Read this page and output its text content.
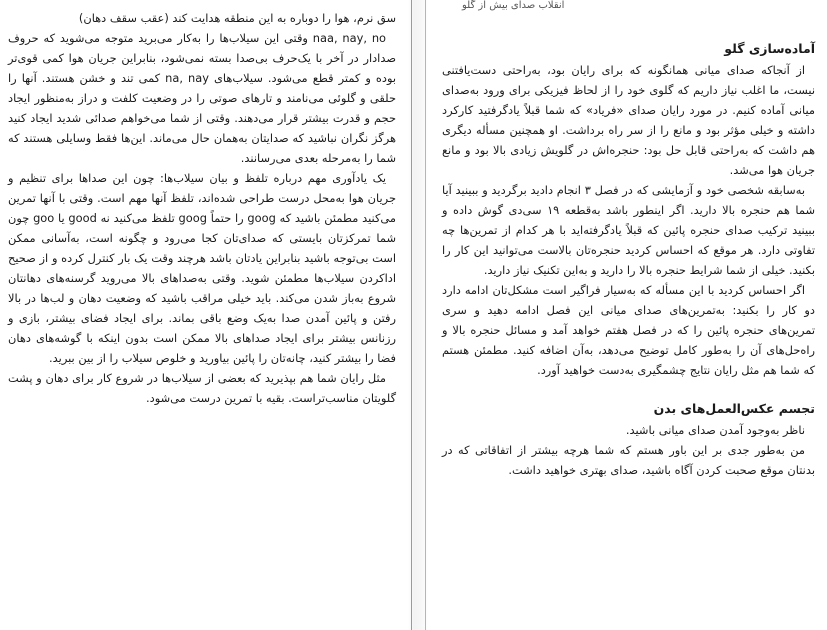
سق نرم، هوا را دوباره به این منطقه هدایت کند (عقب سقف دهان)

naa, nay, no وقتی این سیلاب‌ها را به‌کار می‌برید متوجه می‌شوید که حروف صدادار در آخر با یک‌حرف بی‌صدا بسته نمی‌شود، بنابراین جریان هوا کمی قوی‌تر بوده و کمتر قطع می‌شود. سیلاب‌های na, nay کمی تند و خشن هستند. آنها را حلقی و گلوئی می‌نامند و تارهای صوتی را در وضعیت کلفت و دراز به‌منظور ایجاد حجم و قدرت بیشتر قرار می‌دهند. وقتی از شما می‌خواهم صدائی شدید ایجاد کنید هرگز نگران نباشید که صدایتان به‌همان حال می‌ماند. این‌ها فقط وسایلی هستند که شما را به‌مرحله بعدی می‌رسانند.

یک یادآوری مهم درباره تلفظ و بیان سیلاب‌ها: چون این صداها برای تنظیم و جریان هوا به‌محل درست طراحی شده‌اند، تلفظ آنها مهم است. وقتی با آنها تمرین می‌کنید مطمئن باشید که goog را حتماً goog تلفظ می‌کنید نه good یا goo چون شما تمرکزتان بایستی که صدای‌تان کجا می‌رود و چگونه است، به‌آسانی ممکن است بی‌توجه باشید بنابراین یادتان باشد هرچند وقت یک بار کنترل کرده و از صحیح اداکردن سیلاب‌ها مطمئن شوید. وقتی به‌صداهای بالا می‌روید گرسنه‌های دهانتان شروع به‌باز شدن می‌کند. باید خیلی مراقب باشید که وضعیت دهان و لب‌ها در بالا رفتن و پائین آمدن صدا به‌یک وضع باقی بماند. برای ایجاد فضای بیشتر، بازی و رزنانس بیشتر برای ایجاد صداهای بالا ممکن است بدون اینکه با گوشه‌های دهان فضا را بیشتر کنید، چانه‌تان را پائین بیاورید و خلوص سیلاب را از بین ببرید.

مثل رایان شما هم بپذیرید که بعضی از سیلاب‌ها در شروع کار برای دهان و پشت گلویتان مناسب‌تراست. بقیه با تمرین درست می‌شود.

انقلاب صدای بیش از گلو
آماده‌سازی گلو

از آنجاکه صدای میانی همانگونه که برای رایان بود، به‌راحتی دست‌یافتنی نیست، ما اغلب نیاز داریم که گلوی خود را از لحاظ فیزیکی برای ورود به‌صدای میانی آماده کنیم. در مورد رایان صدای «فریاد» که شما قبلاً یادگرفتید کارکرد داشته و خیلی مؤثر بود و مانع را از سر راه برداشت. او همچنین مسأله دیگری هم داشت که به‌راحتی قابل حل بود: حنجره‌اش در گلویش زیادی بالا بود و مانع جریان هوا می‌شد.

به‌سابقه شخصی خود و آزمایشی که در فصل ۳ انجام دادید برگردید و ببینید آیا شما هم حنجره بالا دارید. اگر اینطور باشد به‌قطعه ۱۹ سی‌دی گوش داده و ببینید ترکیب صدای حنجره پائین که قبلاً یادگرفته‌اید با هر کدام از تمرین‌ها چه تفاوتی دارد. هر موقع که احساس کردید حنجره‌تان بالاست می‌توانید این کار را بکنید. خیلی از شما شرایط حنجره بالا را دارید و به‌این تکنیک نیاز دارید.

اگر احساس کردید با این مسأله که به‌سیار فراگیر است مشکل‌تان ادامه دارد دو کار را بکنید: به‌تمرین‌های صدای میانی این فصل ادامه دهید و سری تمرین‌های حنجره پائین را که در فصل هفتم خواهد آمد و مسائل حنجره بالا و راه‌حل‌های آن را به‌طور کامل توضیح می‌دهد، به‌آن اضافه کنید. مطمئن هستم که شما هم مثل رایان نتایج چشمگیری به‌دست خواهید آورد.

تجسم عکس‌العمل‌های بدن

ناظر به‌وجود آمدن صدای میانی باشید.

من به‌طور جدی بر این باور هستم که شما هرچه بیشتر از اتفاقاتی که در بدنتان موقع صحبت کردن آگاه باشید، صدای بهتری خواهید داشت.
